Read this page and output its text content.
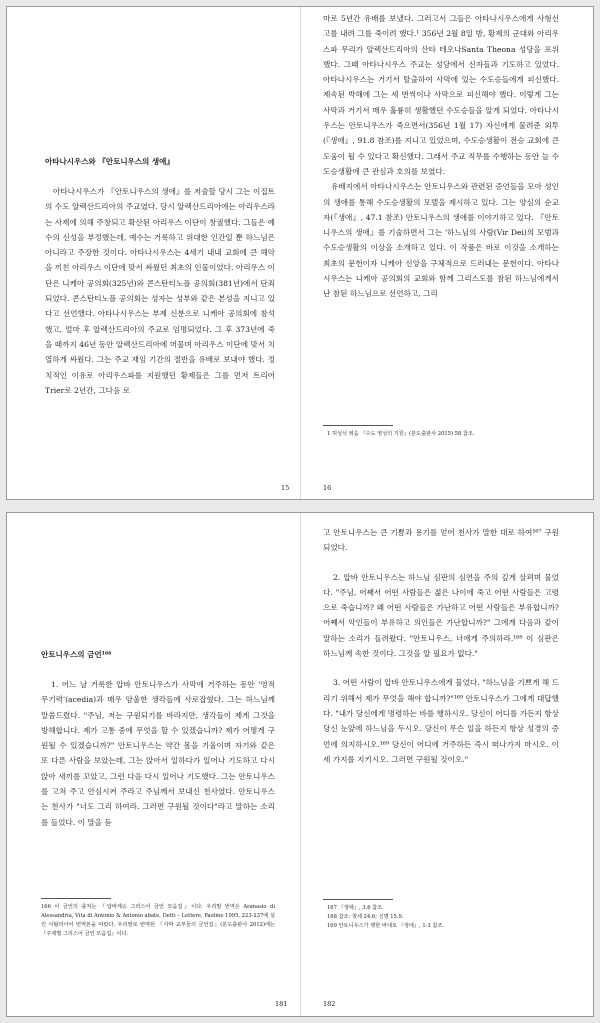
아타나시우스와 『안토니우스의 생애』

아타나시우스가 『안토니우스의 생애』를 저술할 당시 그는 이집트의 수도 알렉산드리아의 주교였다. 당시 알렉산드리아에는 아리우스라는 사제에 의해 주창되고 확산된 아리우스 이단이 창궐했다. 그들은 예수의 신성을 부정했는데, 예수는 거룩하고 위대한 인간일 뿐 하느님은 아니라고 주장한 것이다. 아타나시우스는 4세기 내내 교회에 큰 해악을 끼친 아리우스 이단에 맞서 싸웠던 최초의 인물이었다. 아리우스 이단은 니케아 공의회(325년)와 콘스탄티노플 공의회(381년)에서 단죄되었다. 콘스탄티노플 공의회는 성자는 성부와 같은 본성을 지니고 있다고 선언했다. 아타나시우스는 부제 신분으로 니케아 공의회에 참석했고, 얼마 후 알렉산드리아의 주교로 임명되었다. 그 후 373년에 죽을 때까지 46년 동안 알렉산드리아에 머물며 아리우스 이단에 맞서 치열하게 싸웠다. 그는 주교 재임 기간의 절반을 유배로 보내야 했다. 정치적인 이유로 아리우스파를 지원했던 황제들은 그를 먼저 트리어Trier로 2년간, 그다음 로

15

마로 5년간 유배를 보냈다. 그러고서 그들은 아타나시우스에게 사형선고를 내려 그를 죽이려 했다.¹ 356년 2월 8일 밤, 황제의 군대와 아리우스파 무리가 알렉산드리아의 산타 테오나Santa Theona 성당을 포위했다. 그때 아타나시우스 주교는 성당에서 신자들과 기도하고 있었다. 아타나시우스는 거기서 탈출하여 사막에 있는 수도승들에게 피신했다. 제속된 박해에 그는 세 번씩이나 사막으로 피신해야 했다. 이렇게 그는 사막과 거기서 매우 훌륭히 생활했던 수도승들을 알게 되었다. 아타나시우스는 안토니우스가 죽으면서(356년 1월 17) 자신에게 물려준 외투(『생애』, 91.8 참조)를 지니고 있었으며, 수도승생활이 전승 교회에 큰 도움이 될 수 있다고 확신했다. 그래서 주교 직무를 수행하는 동안 늘 수도승생활에 큰 관심과 호의를 보였다.

유배지에서 아타나시우스는 안토니우스와 관련된 증언들을 모아 성인의 생애를 통해 수도승생활의 모델을 제시하고 있다. 그는 양심의 순교자(『생애』, 47.1 참조) 안토니우스의 생애를 이야기하고 있다. 『안토니우스의 생애』를 기술하면서 그는 '하느님의 사람(Vir Dei)의 모범과 수도승생활의 이상을 소개하고 있다. 이 작품은 바로 이것을 소개하는 최초의 문헌이자 니케아 신앙을 구체적으로 드러내는 문헌이다. 아타나시우스는 니케아 공의회의 교회와 함께 그리스도를 참된 하느님에게서 난 참된 하느님으로 선언하고, 그리

1 허성석 엮음 『수도 영성의 기원』(분도출판사 2015) 58 참조.

16
안토니우스의 금언¹⁶⁶

1. 어느 날 거룩한 압바 안토니우스가 사막에 거주하는 동안 '영적 무기력'(acedia)과 매우 암울한 생각들에 사로잡혔다. 그는 하느님께 말씀드렸다. "주님, 저는 구원되기를 바라지만, 생각들이 제게 그것을 방해합니다. 제가 고통 중에 무엇을 할 수 있겠습니까? 제가 어떻게 구원될 수 있겠습니까?" 안토니우스는 약간 몸을 기울이며 자기와 같은 또 다른 사람을 보았는데, 그는 앉아서 일하다가 일어나 기도하고 다시 앉아 새끼를 꼬았고, 그런 다음 다시 일어나 기도했다. 그는 안토니우스를 고쳐 주고 안심시켜 주라고 주님께서 보내신 천사였다. 안토니우스는 천사가 "너도 그리 하여라. 그러면 구원될 것이다"라고 말하는 소리를 들었다. 이 말을 듣

166 이 금언의 출처는 『압바계승 그리스어 금언 모음집』이다. 우리말 번역은 Aranasio di Alessandria, Vita di Antonio & Antonio abate, Detti – Lettere, Paoline 1995, 223-237에 실린 이탈리아어 번역본을 따랐다. 우리말로 번역된 『사막 교부들의 금언집』(분도출판사 2012)에는 『주제별 그리스어 금언 모음집』이다.

181

고 안토니우스는 큰 기쁨과 용기를 얻어 천사가 말한 대로 하여¹⁶⁷ 구원되었다.

2. 압바 안토니우스는 하느님 심판의 심연을 주의 깊게 살펴며 물었다. "주님, 어째서 어떤 사람들은 젊은 나이에 죽고 어떤 사람들은 고령으로 죽습니까? 왜 어떤 사람들은 가난하고 어떤 사람들은 부유합니까? 어째서 악인들이 부유하고 의인들은 가난합니까?" 그에게 다음과 같이 말하는 소리가 들려왔다. "안토니우스, 너에게 주의하라.¹⁶⁸ 이 심판은 하느님께 속한 것이다. 그것을 알 필요가 없다."

3. 어떤 사람이 압바 안토니우스에게 물었다. "하느님을 기쁘게 해 드리기 위해서 제가 무엇을 해야 합니까?"¹⁶⁹ 안토니우스가 그에게 대답했다. "내가 당신에게 명령하는 바를 행하시오. 당신이 어디를 가든지 항상 당신 눈앞에 하느님을 두시오. 당신이 무슨 일을 하든지 항상 성경의 증언에 의지하시오.¹⁶⁹ 당신이 어디에 거주하든 즉시 떠나가지 마시오. 이 세 가지를 지키시오. 그러면 구원될 것이오."

167 『생애』, 3.6 참조.

168 참조: 창세 24.6; 신명 15.9.

169 안토니우스가 행한 바대로 『생애』, 1-3 참조.

182
